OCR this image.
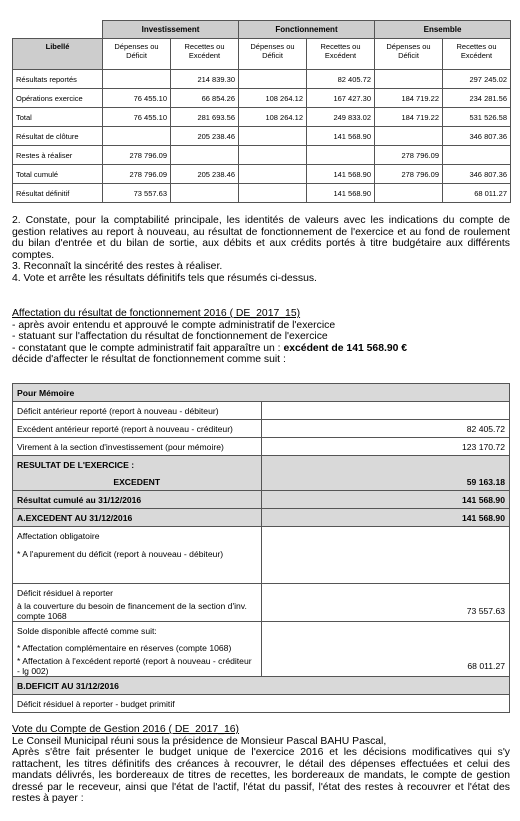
	Investissement		Fonctionnement		Ensemble	
Libellé	Dépenses ou Déficit	Recettes ou Excédent	Dépenses ou Déficit	Recettes ou Excédent	Dépenses ou Déficit	Recettes ou Excédent
Résultats reportés		214 839.30		82 405.72		297 245.02
Opérations exercice	76 455.10	66 854.26	108 264.12	167 427.30	184 719.22	234 281.56
Total	76 455.10	281 693.56	108 264.12	249 833.02	184 719.22	531 526.58
Résultat de clôture		205 238.46		141 568.90		346 807.36
Restes à réaliser	278 796.09				278 796.09	
Total cumulé	278 796.09	205 238.46		141 568.90	278 796.09	346 807.36
Résultat définitif	73 557.63			141 568.90		68 011.27

2. Constate, pour la comptabilité principale, les identités de valeurs avec les indications du compte de gestion relatives au report à nouveau, au résultat de fonctionnement de l'exercice et au fond de roulement du bilan d'entrée et du bilan de sortie, aux débits et aux crédits portés à titre budgétaire aux différents comptes.

3. Reconnaît la sincérité des restes à réaliser.

4. Vote et arrête les résultats définitifs tels que résumés ci-dessus.

Affectation du résultat de fonctionnement 2016 ( DE_2017_15)

- après avoir entendu et approuvé le compte administratif de l'exercice

- statuant sur l'affectation du résultat de fonctionnement de l'exercice

- constatant que le compte administratif fait apparaître un : excédent de 141 568.90 €

décide d'affecter le résultat de fonctionnement comme suit :

Pour Mémoire	
Déficit antérieur reporté (report à nouveau - débiteur)	
Excédent antérieur reporté (report à nouveau - créditeur)	82 405.72
Virement à la section d'investissement (pour mémoire)	123 170.72
RESULTAT DE L'EXERCICE :	
EXCEDENT	59 163.18
Résultat cumulé au 31/12/2016	141 568.90
A.EXCEDENT AU 31/12/2016	141 568.90
Affectation obligatoire	
* A l'apurement du déficit (report à nouveau - débiteur)	
Déficit résiduel à reporter	
à la couverture du besoin de financement de la section d'inv. compte 1068	73 557.63
Solde disponible affecté comme suit:	
* Affectation complémentaire en réserves (compte 1068)	
* Affectation à l'excédent reporté (report à nouveau - créditeur - lg 002)	68 011.27
B.DEFICIT AU 31/12/2016	
Déficit résiduel à reporter - budget primitif	

Vote du Compte de Gestion 2016 ( DE_2017_16)

Le Conseil Municipal réuni sous la présidence de Monsieur Pascal BAHU Pascal,

Après s'être fait présenter le budget unique de l'exercice 2016 et les décisions modificatives qui s'y rattachent, les titres définitifs des créances à recouvrer, le détail des dépenses effectuées et celui des mandats délivrés, les bordereaux de titres de recettes, les bordereaux de mandats, le compte de gestion dressé par le receveur, ainsi que l'état de l'actif, l'état du passif, l'état des restes à recouvrer et l'état des restes à payer :
